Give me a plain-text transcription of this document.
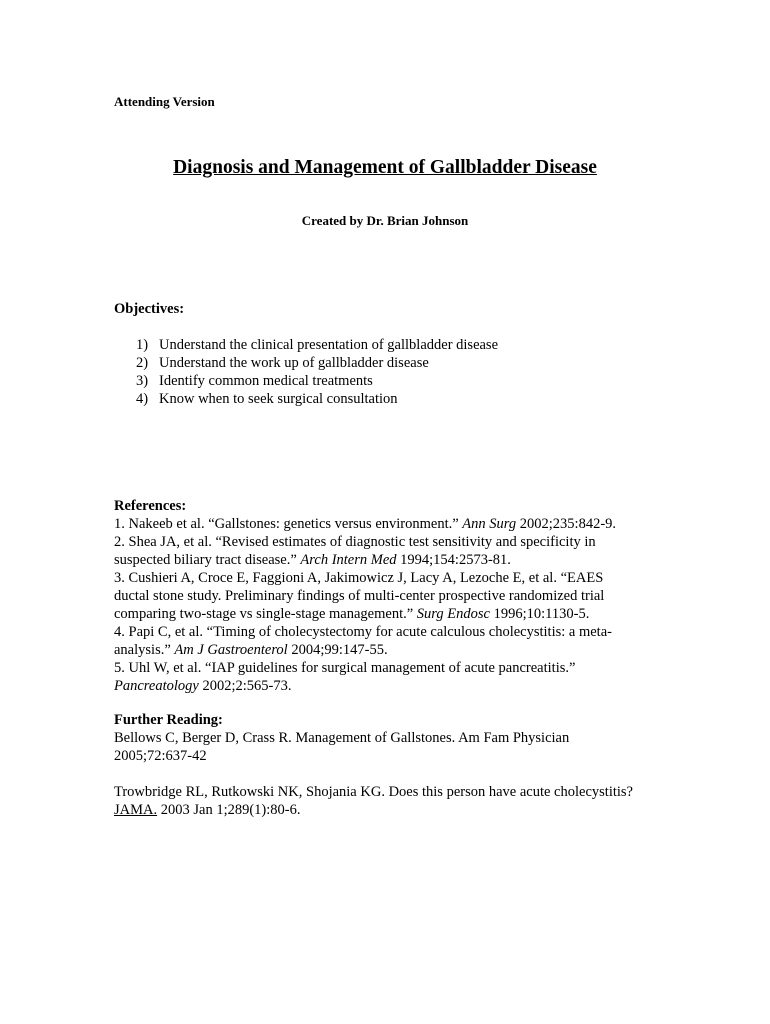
Attending Version
Diagnosis and Management of Gallbladder Disease
Created by Dr. Brian Johnson
Objectives:
1) Understand the clinical presentation of gallbladder disease
2) Understand the work up of gallbladder disease
3) Identify common medical treatments
4) Know when to seek surgical consultation
References:
1. Nakeeb et al. “Gallstones: genetics versus environment.” Ann Surg 2002;235:842-9.
2. Shea JA, et al. “Revised estimates of diagnostic test sensitivity and specificity in
suspected biliary tract disease.” Arch Intern Med 1994;154:2573-81.
3. Cushieri A, Croce E, Faggioni A, Jakimowicz J, Lacy A, Lezoche E, et al. “EAES
ductal stone study. Preliminary findings of multi-center prospective randomized trial
comparing two-stage vs single-stage management.” Surg Endosc 1996;10:1130-5.
4. Papi C, et al. “Timing of cholecystectomy for acute calculous cholecystitis: a meta-
analysis.” Am J Gastroenterol 2004;99:147-55.
5. Uhl W, et al. “IAP guidelines for surgical management of acute pancreatitis.”
Pancreatology 2002;2:565-73.
Further Reading:
Bellows C, Berger D, Crass R. Management of Gallstones. Am Fam Physician
2005;72:637-42
Trowbridge RL, Rutkowski NK, Shojania KG. Does this person have acute cholecystitis?
JAMA. 2003 Jan 1;289(1):80-6.
